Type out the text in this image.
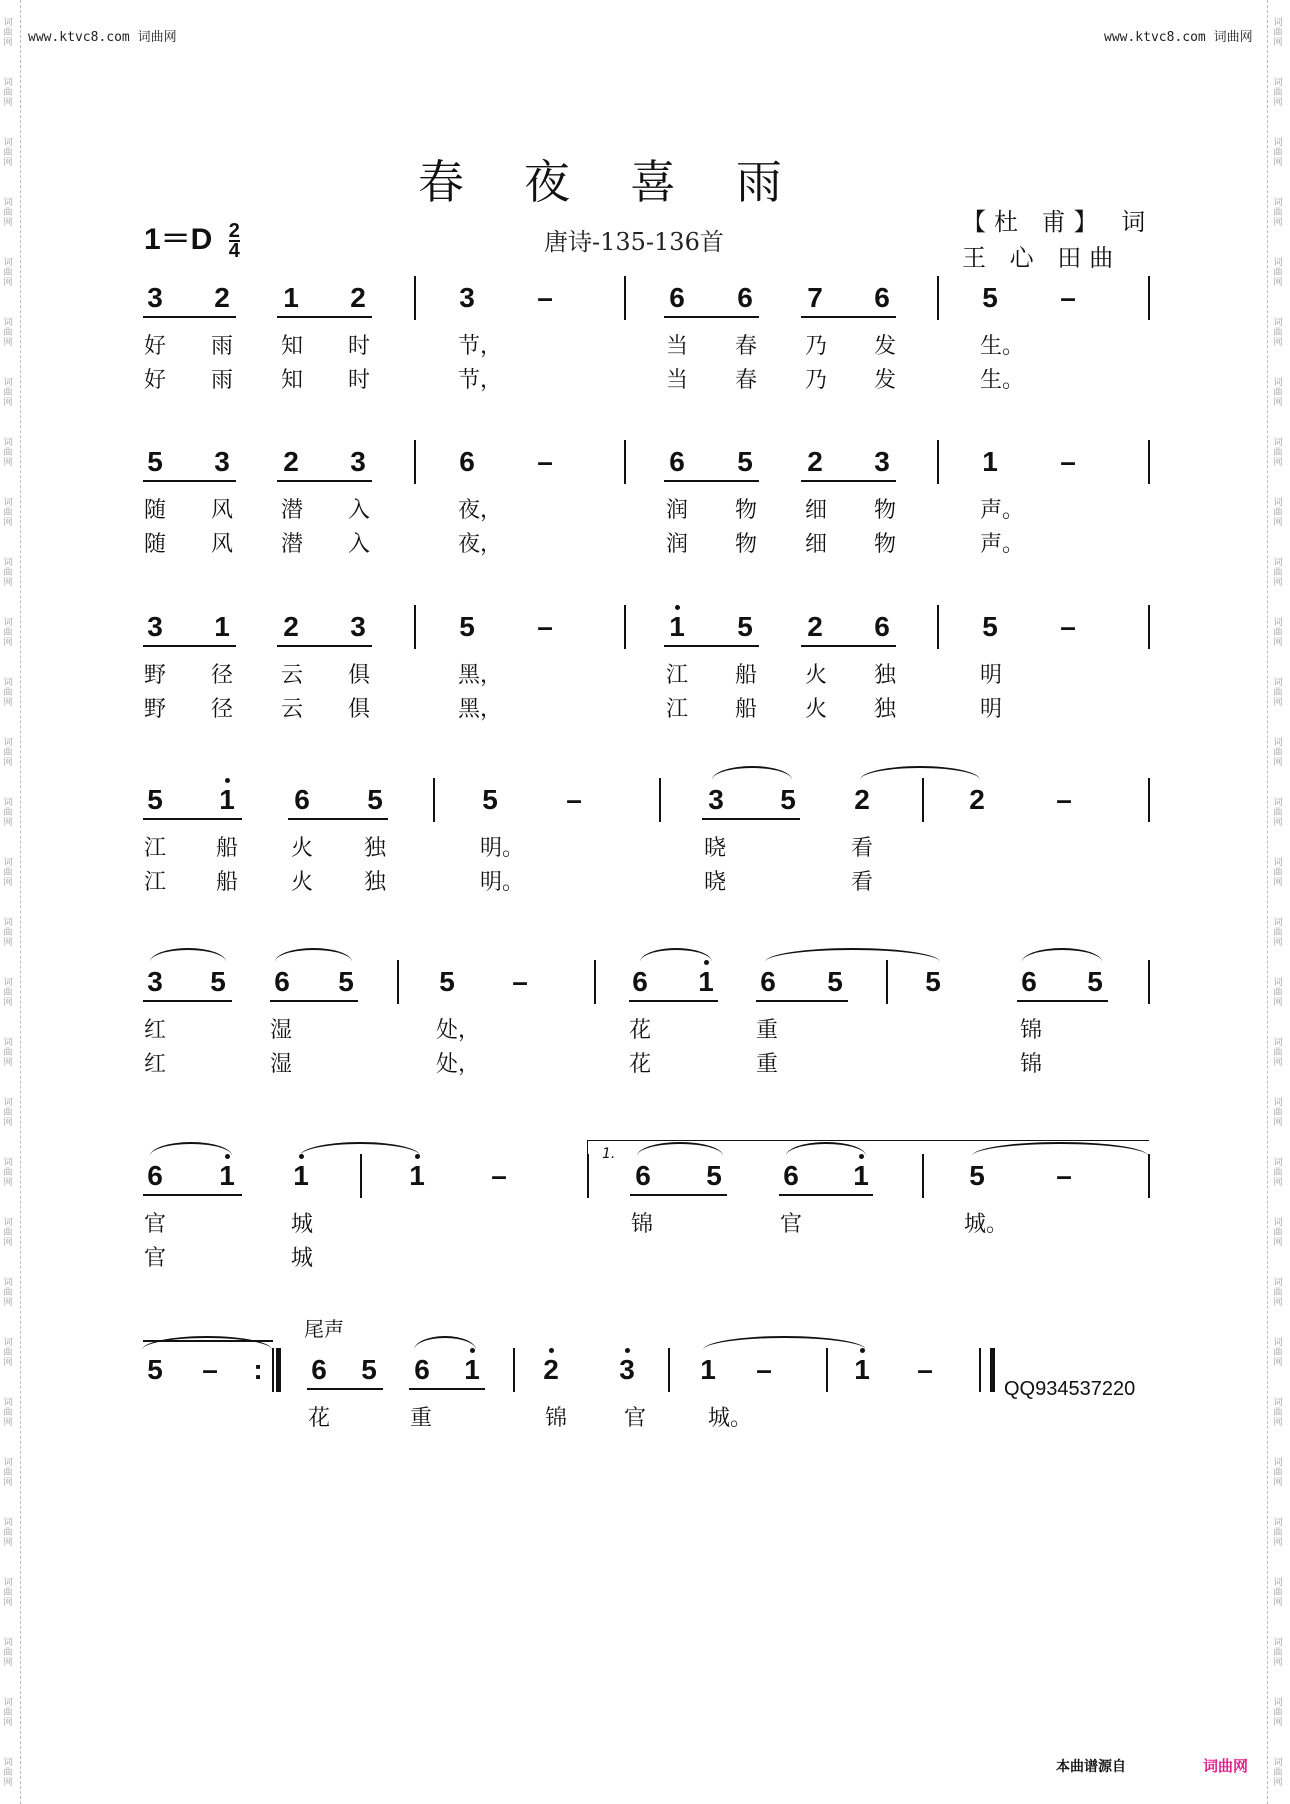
词曲网
词曲网
词曲网
词曲网
词曲网
词曲网
词曲网
词曲网
词曲网
词曲网
词曲网
词曲网
词曲网
词曲网
词曲网
词曲网
词曲网
词曲网
词曲网
词曲网
词曲网
词曲网
词曲网
词曲网
词曲网
词曲网
词曲网
词曲网
词曲网
词曲网
词曲网
词曲网
词曲网
词曲网
词曲网
词曲网
词曲网
词曲网
词曲网
词曲网
词曲网
词曲网
词曲网
词曲网
词曲网
词曲网
词曲网
词曲网
词曲网
词曲网
词曲网
词曲网
词曲网
词曲网
词曲网
词曲网
词曲网
词曲网
词曲网
词曲网
www.ktvc8.com 词曲网	www.ktvc8.com 词曲网
春夜喜雨
$1=D \frac{2}{4}$	唐诗-135-136首
【杜 甫】 词
王 心 田曲
3 2 1 2	3 –	6 6 7 6	5 –
好 雨 知 时	节，	当 春 乃 发	生。
好 雨 知 时	节，	当 春 乃 发	生。
5 3 2 3	6 –	6 5 2 3	1 –
随 风 潜 入	夜，	润 物 细 物	声。
随 风 潜 入	夜，	润 物 细 物	声。
3 1 2 3	5 –	1 5 2 6	5 –
野 径 云 俱	黑，	江 船 火 独	明
野 径 云 俱	黑，	江 船 火 独	明
5 1 6 5	5 –	3 5 2	2	–
江 船 火 独	明。	晓	看
江 船 火 独	明。	晓	看
3 5 6 5	5 –	6 1 6 5	5	6 5
红	湿	处，	花	重	锦
红	湿	处，	花	重	锦
6 1 1	1 –	6 5 6 1	5	–
官	城	锦	官	城。
官	城
5 – : 6 5 6 1 2 3 1 –	1 –
花	重	锦	官	城。
1.
尾声
QQ934537220
本曲谱源自	词曲网
